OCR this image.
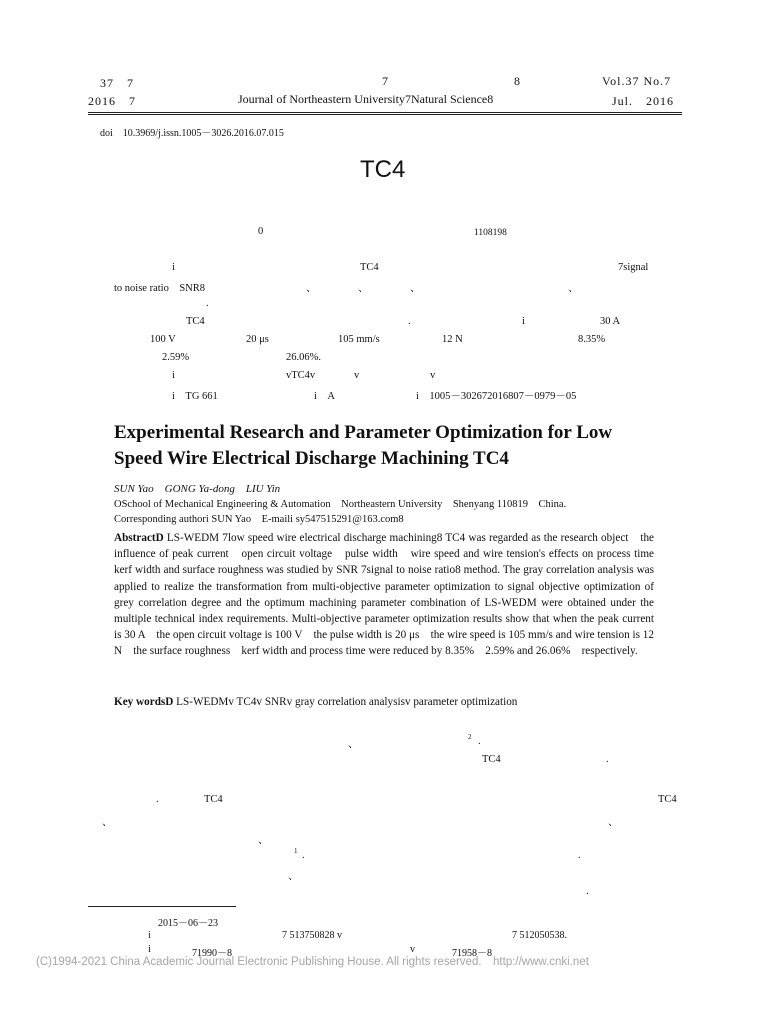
37　7	7	8	Vol.37 No.7
2016　7	Journal of Northeastern University7Natural Science8	Jul.　2016
doi　10.3969/j.issn.1005－3026.2016.07.015
TC4
0	1108198
i	TC4	7signal
to noise ratio　SNR8	、	、	、	、
.
TC4	.	i	30 A
100 V	20 μs	105 mm/s	12 N	8.35%
2.59%	26.06%.
i	vTC4v	v	v
i　TG 661	i　A	i　1005－302672016807－0979－05
Experimental Research and Parameter Optimization for Low
Speed Wire Electrical Discharge Machining TC4
SUN Yao　GONG Ya-dong　LIU Yin
OSchool of Mechanical Engineering & Automation　Northeastern University　Shenyang 110819　China.
Corresponding authori SUN Yao　E-maili sy547515291@163.com8
AbstractD LS-WEDM 7low speed wire electrical discharge machining8 TC4 was regarded as the research object　the influence of peak current　open circuit voltage　pulse width　wire speed and wire tension's effects on process time　kerf width and surface roughness was studied by SNR 7signal to noise ratio8 method. The gray correlation analysis was applied to realize the transformation from multi-objective parameter optimization to signal objective optimization of grey correlation degree and the optimum machining parameter combination of LS-WEDM were obtained under the multiple technical index requirements. Multi-objective parameter optimization results show that when the peak current is 30 A　the open circuit voltage is 100 V　the pulse width is 20 μs　the wire speed is 105 mm/s and wire tension is 12 N　the surface roughness　kerf width and process time were reduced by 8.35%　2.59% and 26.06%　respectively.
Key wordsD LS-WEDMv TC4v SNRv gray correlation analysisv parameter optimization
、
2 .
TC4	.
.	TC4	TC4
、	、
、
1 .	.
、
.
2015－06－23
i	7 513750828 v	7 512050538.
i	71990－8	v	71958－8
(C)1994-2021 China Academic Journal Electronic Publishing House. All rights reserved.　http://www.cnki.net
